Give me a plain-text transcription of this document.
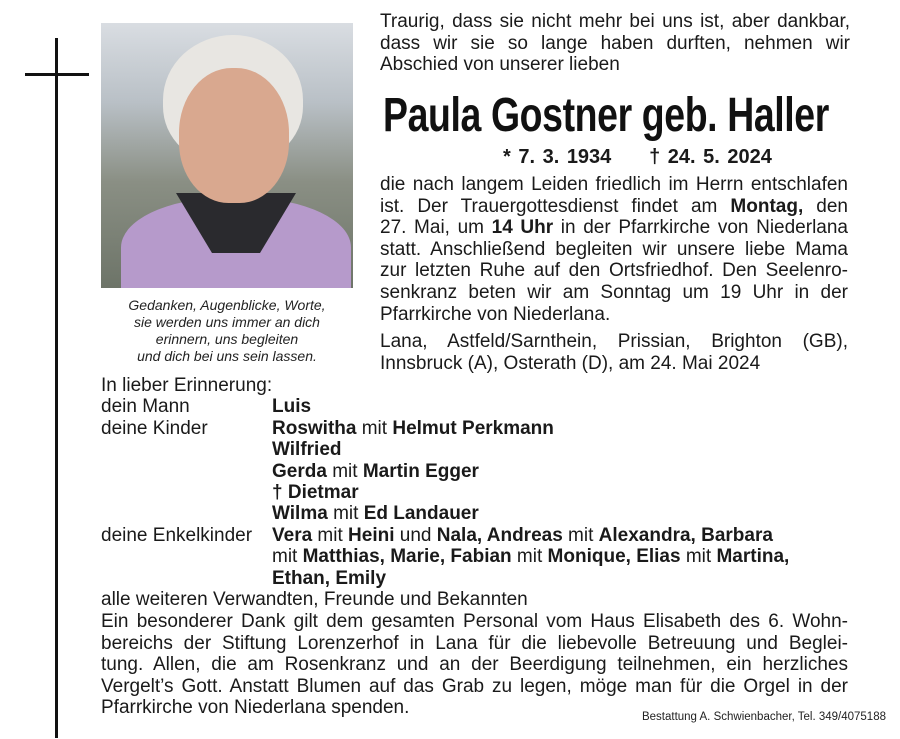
Gedanken, Augenblicke, Worte,
sie werden uns immer an dich
erinnern, uns begleiten
und dich bei uns sein lassen.
Traurig, dass sie nicht mehr bei uns ist, aber dankbar,
dass wir sie so lange haben durften, nehmen wir
Abschied von unserer lieben
Paula Gostner geb. Haller
* 7. 3. 1934 † 24. 5. 2024
die nach langem Leiden friedlich im Herrn entschlafen
ist. Der Trauergottesdienst findet am Montag, den
27. Mai, um 14 Uhr in der Pfarrkirche von Niederlana
statt. Anschließend begleiten wir unsere liebe Mama
zur letzten Ruhe auf den Ortsfriedhof. Den Seelenro-
senkranz beten wir am Sonntag um 19 Uhr in der
Pfarrkirche von Niederlana.
Lana, Astfeld/Sarnthein, Prissian, Brighton (GB),
Innsbruck (A), Osterath (D), am 24. Mai 2024
In lieber Erinnerung:
dein Mann	Luis
deine Kinder	Roswitha mit Helmut Perkmann
Wilfried
Gerda mit Martin Egger
† Dietmar
Wilma mit Ed Landauer
deine Enkelkinder	Vera mit Heini und Nala, Andreas mit Alexandra, Barbara
mit Matthias, Marie, Fabian mit Monique, Elias mit Martina,
Ethan, Emily
alle weiteren Verwandten, Freunde und Bekannten
Ein besonderer Dank gilt dem gesamten Personal vom Haus Elisabeth des 6. Wohn-
bereichs der Stiftung Lorenzerhof in Lana für die liebevolle Betreuung und Beglei-
tung. Allen, die am Rosenkranz und an der Beerdigung teilnehmen, ein herzliches
Vergelt’s Gott. Anstatt Blumen auf das Grab zu legen, möge man für die Orgel in der
Pfarrkirche von Niederlana spenden.	Bestattung A. Schwienbacher, Tel. 349/4075188
